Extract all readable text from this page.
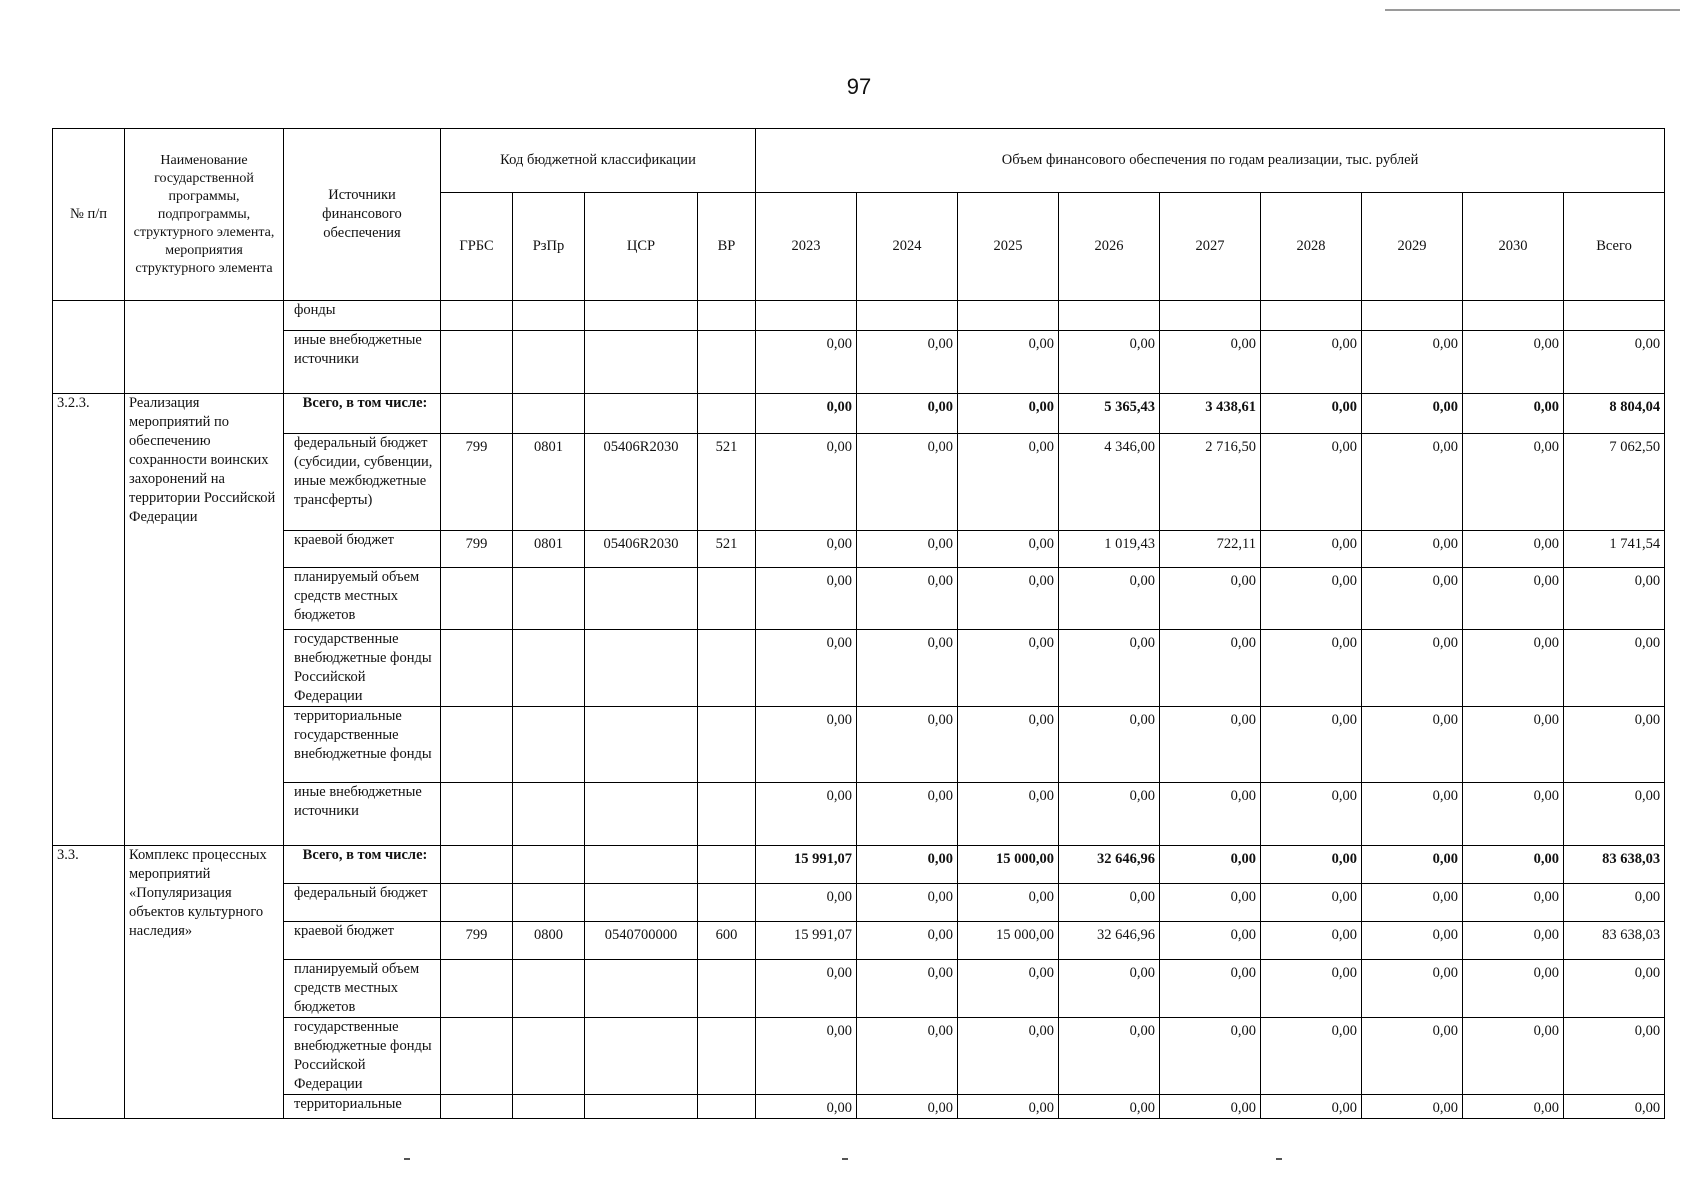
97
№ п/п	Наименование государственной программы, подпрограммы, структурного элемента, мероприятия структурного элемента	Источники финансового обеспечения	Код бюджетной классификации				Объем финансового обеспечения по годам реализации, тыс. рублей								
			ГРБС	РзПр	ЦСР	ВР	2023	2024	2025	2026	2027	2028	2029	2030	Всего
		фонды													
		иные внебюджетные источники					0,00	0,00	0,00	0,00	0,00	0,00	0,00	0,00	0,00
3.2.3.	Реализация мероприятий по обеспечению сохранности воинских захоронений на территории Российской Федерации	Всего, в том числе:					0,00	0,00	0,00	5 365,43	3 438,61	0,00	0,00	0,00	8 804,04
		федеральный бюджет (субсидии, субвенции, иные межбюджетные трансферты)	799	0801	05406R2030	521	0,00	0,00	0,00	4 346,00	2 716,50	0,00	0,00	0,00	7 062,50
		краевой бюджет	799	0801	05406R2030	521	0,00	0,00	0,00	1 019,43	722,11	0,00	0,00	0,00	1 741,54
		планируемый объем средств местных бюджетов					0,00	0,00	0,00	0,00	0,00	0,00	0,00	0,00	0,00
		государственные внебюджетные фонды Российской Федерации					0,00	0,00	0,00	0,00	0,00	0,00	0,00	0,00	0,00
		территориальные государственные внебюджетные фонды					0,00	0,00	0,00	0,00	0,00	0,00	0,00	0,00	0,00
		иные внебюджетные источники					0,00	0,00	0,00	0,00	0,00	0,00	0,00	0,00	0,00
3.3.	Комплекс процессных мероприятий «Популяризация объектов культурного наследия»	Всего, в том числе:					15 991,07	0,00	15 000,00	32 646,96	0,00	0,00	0,00	0,00	83 638,03
		федеральный бюджет					0,00	0,00	0,00	0,00	0,00	0,00	0,00	0,00	0,00
		краевой бюджет	799	0800	0540700000	600	15 991,07	0,00	15 000,00	32 646,96	0,00	0,00	0,00	0,00	83 638,03
		планируемый объем средств местных бюджетов					0,00	0,00	0,00	0,00	0,00	0,00	0,00	0,00	0,00
		государственные внебюджетные фонды Российской Федерации					0,00	0,00	0,00	0,00	0,00	0,00	0,00	0,00	0,00
		территориальные					0,00	0,00	0,00	0,00	0,00	0,00	0,00	0,00	0,00
